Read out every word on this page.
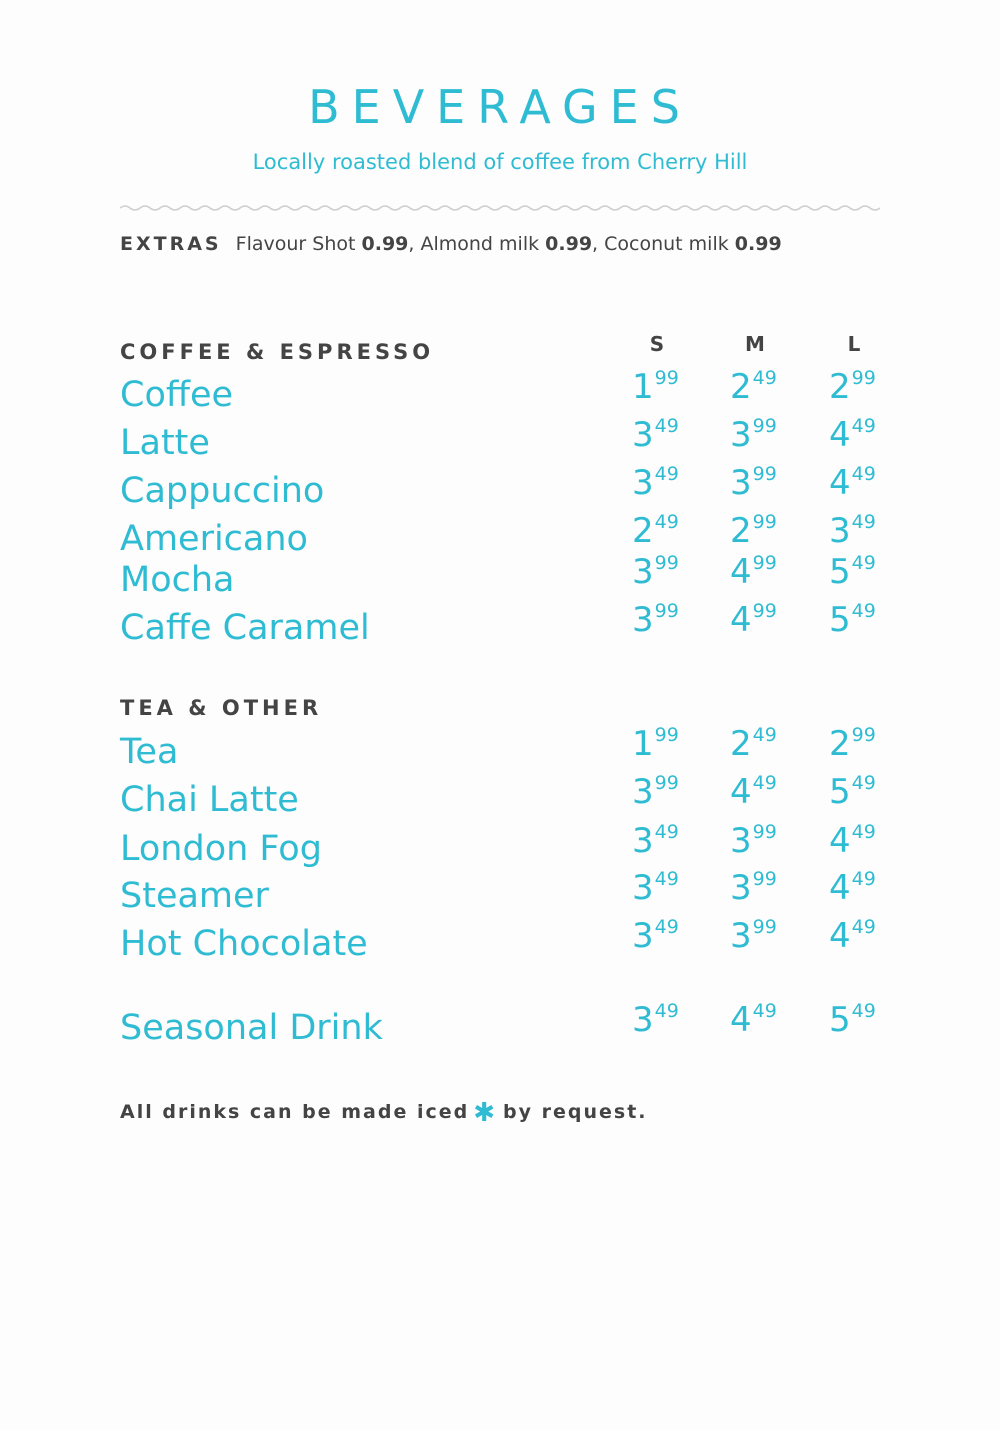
BEVERAGES
Locally roasted blend of coffee from Cherry Hill
EXTRAS Flavour Shot 0.99, Almond milk 0.99, Coconut milk 0.99
COFFEE & ESPRESSO	S	M	L
Coffee	$1^{99}$	$2^{49}$	$2^{99}$
Latte	$3^{49}$	$3^{99}$	$4^{49}$
Cappuccino	$3^{49}$	$3^{99}$	$4^{49}$
Americano	$2^{49}$	$2^{99}$	$3^{49}$
Mocha	$3^{99}$	$4^{99}$	$5^{49}$
Caffe Caramel	$3^{99}$	$4^{99}$	$5^{49}$
TEA & OTHER
Tea	$1^{99}$	$2^{49}$	$2^{99}$
Chai Latte	$3^{99}$	$4^{49}$	$5^{49}$
London Fog	$3^{49}$	$3^{99}$	$4^{49}$
Steamer	$3^{49}$	$3^{99}$	$4^{49}$
Hot Chocolate	$3^{49}$	$3^{99}$	$4^{49}$
Seasonal Drink	$3^{49}$	$4^{49}$	$5^{49}$
All drinks can be made iced ✱ by request.
